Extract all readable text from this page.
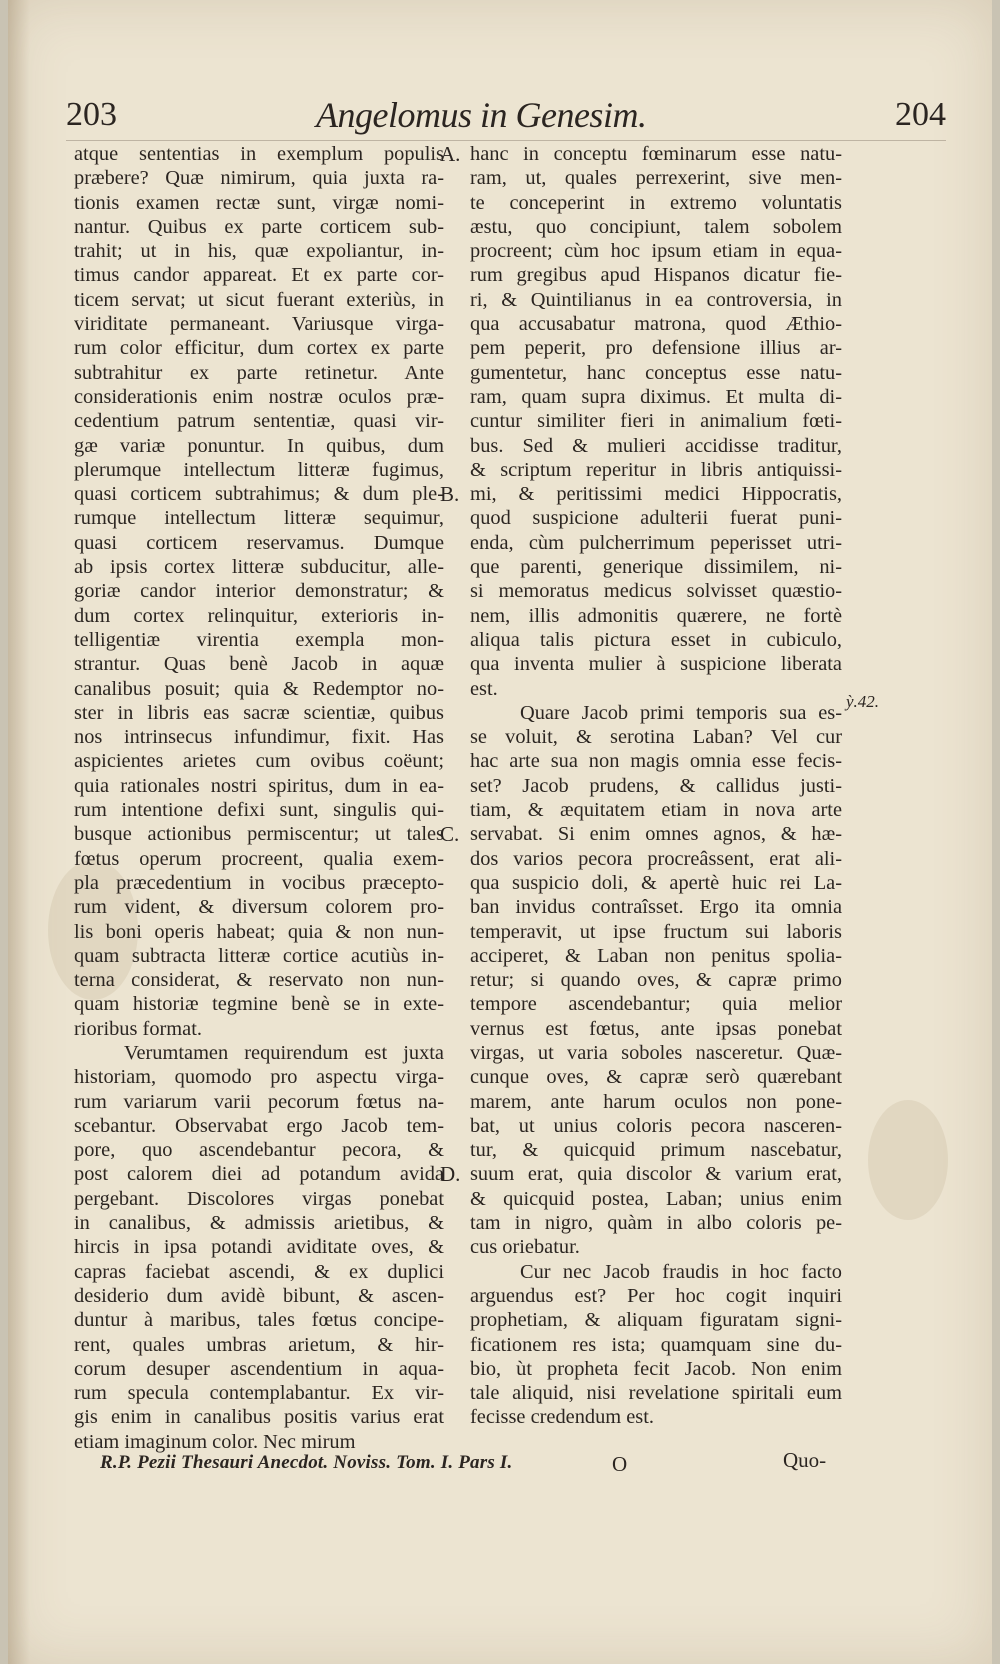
203	Angelomus in Genesim.	204
atque sententias in exemplum populis
præbere? Quæ nimirum, quia juxta ra-
tionis examen rectæ sunt, virgæ nomi-
nantur. Quibus ex parte corticem sub-
trahit; ut in his, quæ expoliantur, in-
timus candor appareat. Et ex parte cor-
ticem servat; ut sicut fuerant exteriùs, in
viriditate permaneant. Variusque virga-
rum color efficitur, dum cortex ex parte
subtrahitur ex parte retinetur. Ante
considerationis enim nostræ oculos præ-
cedentium patrum sententiæ, quasi vir-
gæ variæ ponuntur. In quibus, dum
plerumque intellectum litteræ fugimus,
quasi corticem subtrahimus; & dum ple-
rumque intellectum litteræ sequimur,
quasi corticem reservamus. Dumque
ab ipsis cortex litteræ subducitur, alle-
goriæ candor interior demonstratur; &
dum cortex relinquitur, exterioris in-
telligentiæ virentia exempla mon-
strantur. Quas benè Jacob in aquæ
canalibus posuit; quia & Redemptor no-
ster in libris eas sacræ scientiæ, quibus
nos intrinsecus infundimur, fixit. Has
aspicientes arietes cum ovibus coëunt;
quia rationales nostri spiritus, dum in ea-
rum intentione defixi sunt, singulis qui-
busque actionibus permiscentur; ut tales
fœtus operum procreent, qualia exem-
pla præcedentium in vocibus præcepto-
rum vident, & diversum colorem pro-
lis boni operis habeat; quia & non nun-
quam subtracta litteræ cortice acutiùs in-
terna considerat, & reservato non nun-
quam historiæ tegmine benè se in exte-
rioribus format.
Verumtamen requirendum est juxta
historiam, quomodo pro aspectu virga-
rum variarum varii pecorum fœtus na-
scebantur. Observabat ergo Jacob tem-
pore, quo ascendebantur pecora, &
post calorem diei ad potandum avida
pergebant. Discolores virgas ponebat
in canalibus, & admissis arietibus, &
hircis in ipsa potandi aviditate oves, &
capras faciebat ascendi, & ex duplici
desiderio dum avidè bibunt, & ascen-
duntur à maribus, tales fœtus concipe-
rent, quales umbras arietum, & hir-
corum desuper ascendentium in aqua-
rum specula contemplabantur. Ex vir-
gis enim in canalibus positis varius erat
etiam imaginum color. Nec mirum
hanc in conceptu fœminarum esse natu-
ram, ut, quales perrexerint, sive men-
te conceperint in extremo voluntatis
æstu, quo concipiunt, talem sobolem
procreent; cùm hoc ipsum etiam in equa-
rum gregibus apud Hispanos dicatur fie-
ri, & Quintilianus in ea controversia, in
qua accusabatur matrona, quod Æthio-
pem peperit, pro defensione illius ar-
gumentetur, hanc conceptus esse natu-
ram, quam supra diximus. Et multa di-
cuntur similiter fieri in animalium fœti-
bus. Sed & mulieri accidisse traditur,
& scriptum reperitur in libris antiquissi-
mi, & peritissimi medici Hippocratis,
quod suspicione adulterii fuerat puni-
enda, cùm pulcherrimum peperisset utri-
que parenti, generique dissimilem, ni-
si memoratus medicus solvisset quæstio-
nem, illis admonitis quærere, ne fortè
aliqua talis pictura esset in cubiculo,
qua inventa mulier à suspicione liberata
est.
Quare Jacob primi temporis sua es-
se voluit, & serotina Laban? Vel cur
hac arte sua non magis omnia esse fecis-
set? Jacob prudens, & callidus justi-
tiam, & æquitatem etiam in nova arte
servabat. Si enim omnes agnos, & hæ-
dos varios pecora procreâssent, erat ali-
qua suspicio doli, & apertè huic rei La-
ban invidus contraîsset. Ergo ita omnia
temperavit, ut ipse fructum sui laboris
acciperet, & Laban non penitus spolia-
retur; si quando oves, & capræ primo
tempore ascendebantur; quia melior
vernus est fœtus, ante ipsas ponebat
virgas, ut varia soboles nasceretur. Quæ-
cunque oves, & capræ serò quærebant
marem, ante harum oculos non pone-
bat, ut unius coloris pecora nasceren-
tur, & quicquid primum nascebatur,
suum erat, quia discolor & varium erat,
& quicquid postea, Laban; unius enim
tam in nigro, quàm in albo coloris pe-
cus oriebatur.
Cur nec Jacob fraudis in hoc facto
arguendus est? Per hoc cogit inquiri
prophetiam, & aliquam figuratam signi-
ficationem res ista; quamquam sine du-
bio, ùt propheta fecit Jacob. Non enim
tale aliquid, nisi revelatione spiritali eum
fecisse credendum est.
A.
B.
C.
D.
ỳ.42.
R.P. Pezii Thesauri Anecdot. Noviss. Tom. I. Pars I.	O	Quo-
